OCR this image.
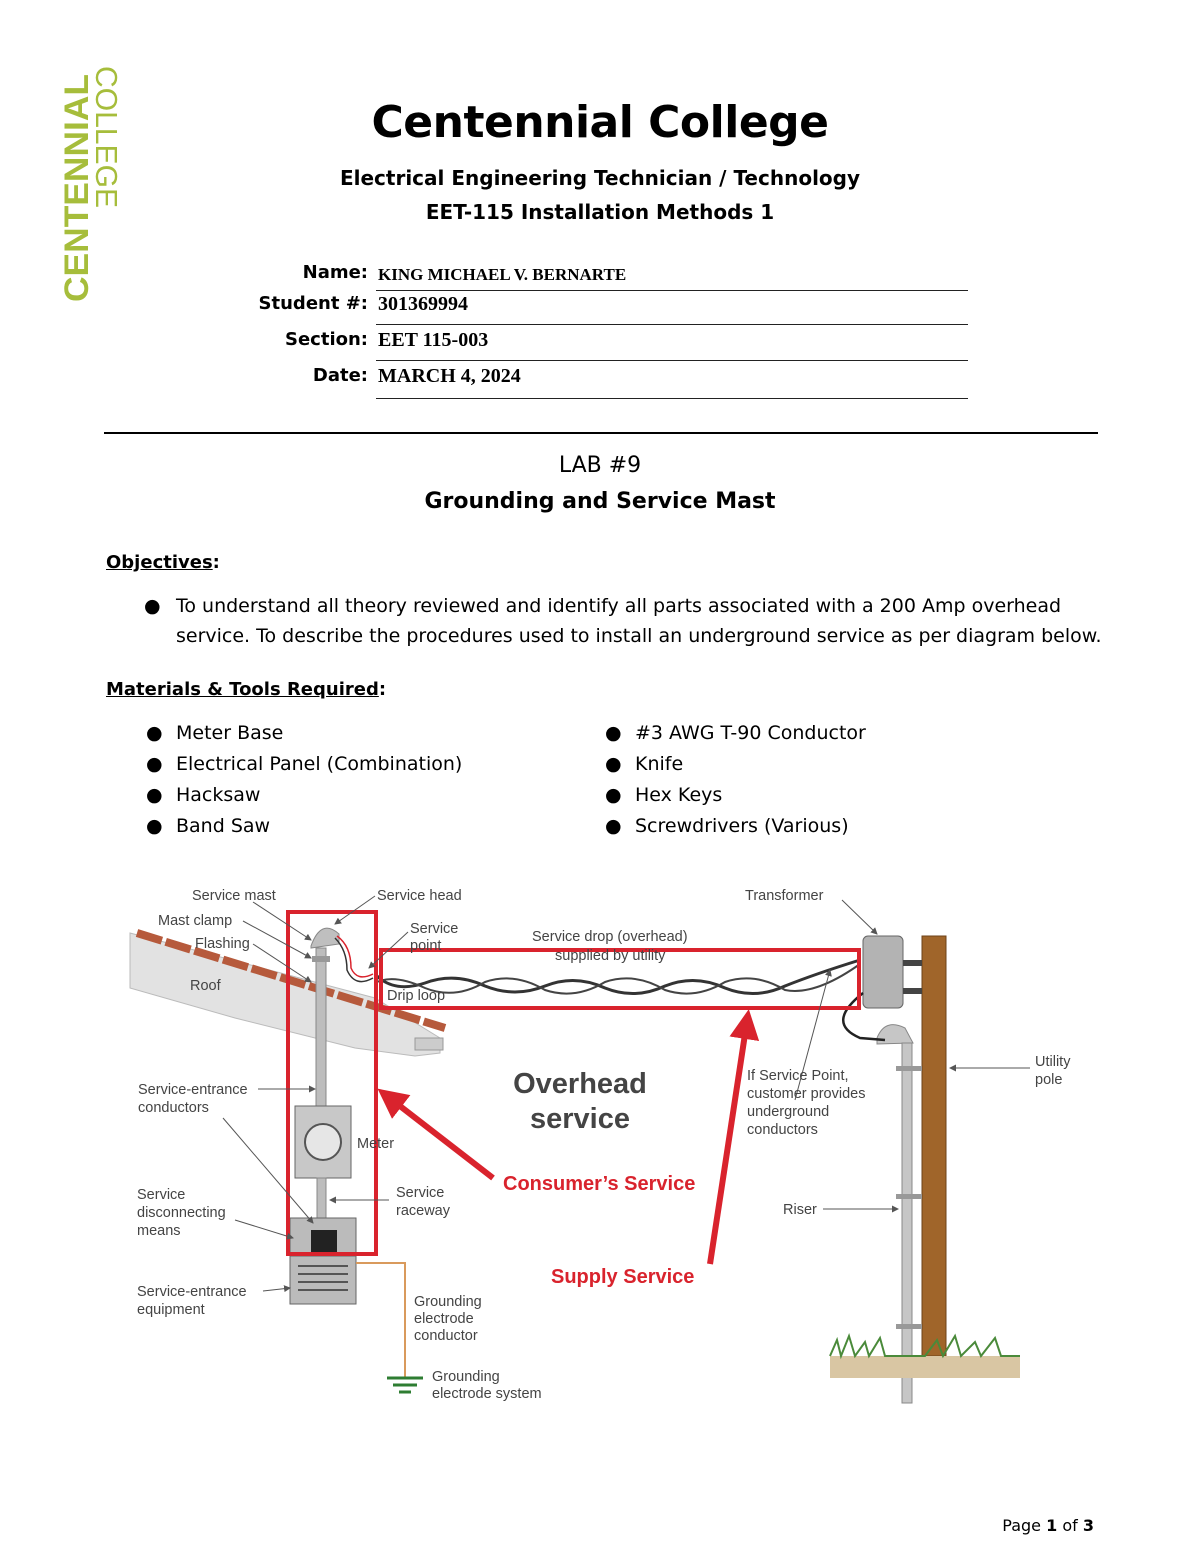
CENTENNIAL
COLLEGE	Centennial College
Electrical Engineering Technician / Technology
EET-115 Installation Methods 1
Name: KING MICHAEL V. BERNARTE
Student #: 301369994
Section: EET 115-003
Date: MARCH 4, 2024
LAB #9
Grounding and Service Mast
Objectives:
● To understand all theory reviewed and identify all parts associated with a 200 Amp overhead service. To describe the procedures used to install an underground service as per diagram below.
Materials & Tools Required:
● Meter Base
● Electrical Panel (Combination)
● Hacksaw
● Band Saw
● #3 AWG T-90 Conductor
● Knife
● Hex Keys
● Screwdrivers (Various)
Service mast
Mast clamp
Flashing
Roof
Service head
Service
point
Drip loop
Service drop (overhead)
supplied by utility
Transformer
Utility
pole
Service-entrance
conductors
Meter
If Service Point,
customer provides
underground
conductors
Service
disconnecting
means
Service
raceway	Riser
Service-entrance
equipment	Grounding
electrode
conductor
Grounding
electrode system
Overhead
service
Consumer’s Service
Supply Service
Page 1 of 3
